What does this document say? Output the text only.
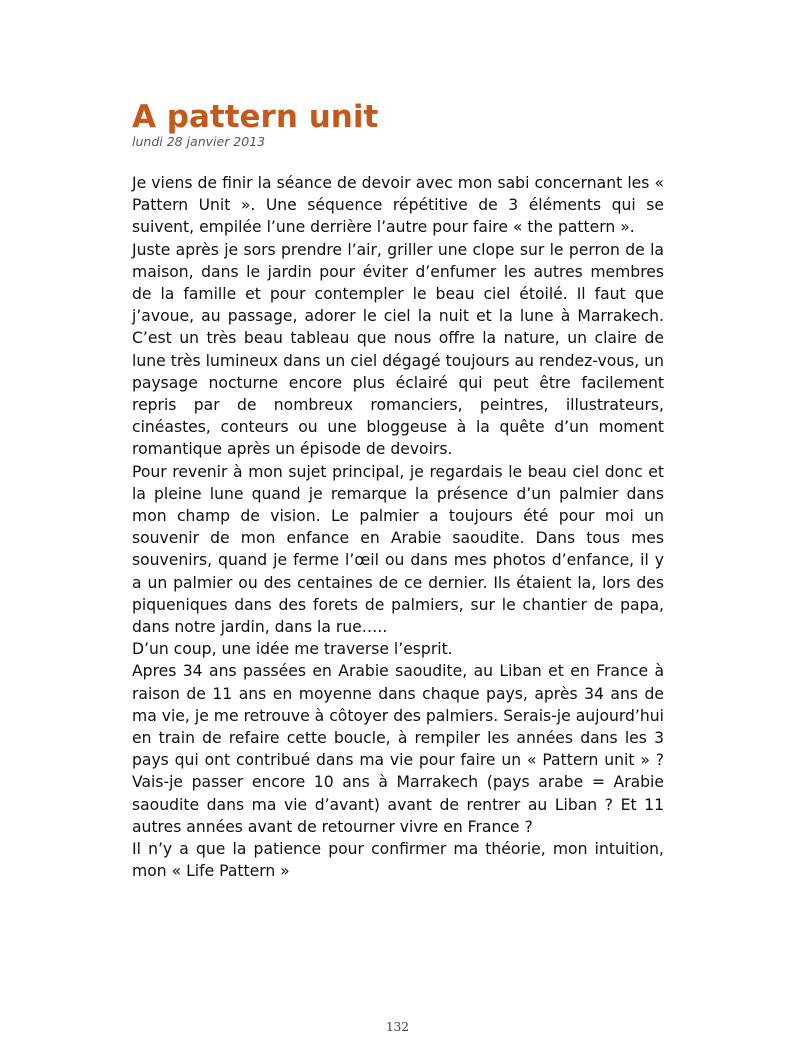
A pattern unit
lundi 28 janvier 2013

Je viens de finir la séance de devoir avec mon sabi concernant les « Pattern Unit ». Une séquence répétitive de 3 éléments qui se suivent, empilée l’une derrière l’autre pour faire « the pattern ».

Juste après je sors prendre l’air, griller une clope sur le perron de la maison, dans le jardin pour éviter d’enfumer les autres membres de la famille et pour contempler le beau ciel étoilé. Il faut que j’avoue, au passage, adorer le ciel la nuit et la lune à Marrakech. C’est un très beau tableau que nous offre la nature, un claire de lune très lumineux dans un ciel dégagé toujours au rendez-vous, un paysage nocturne encore plus éclairé qui peut être facilement repris par de nombreux romanciers, peintres, illustrateurs, cinéastes, conteurs ou une bloggeuse à la quête d’un moment romantique après un épisode de devoirs.

Pour revenir à mon sujet principal, je regardais le beau ciel donc et la pleine lune quand je remarque la présence d’un palmier dans mon champ de vision. Le palmier a toujours été pour moi un souvenir de mon enfance en Arabie saoudite. Dans tous mes souvenirs, quand je ferme l’œil ou dans mes photos d’enfance, il y a un palmier ou des centaines de ce dernier. Ils étaient la, lors des piqueniques dans des forets de palmiers, sur le chantier de papa, dans notre jardin, dans la rue…..

D’un coup, une idée me traverse l’esprit.

Apres 34 ans passées en Arabie saoudite, au Liban et en France à raison de 11 ans en moyenne dans chaque pays, après 34 ans de ma vie, je me retrouve à côtoyer des palmiers. Serais-je aujourd’hui en train de refaire cette boucle, à rempiler les années dans les 3 pays qui ont contribué dans ma vie pour faire un « Pattern unit » ? Vais-je passer encore 10 ans à Marrakech (pays arabe = Arabie saoudite dans ma vie d’avant) avant de rentrer au Liban ? Et 11 autres années avant de retourner vivre en France ?

Il n’y a que la patience pour confirmer ma théorie, mon intuition, mon « Life Pattern »

132
